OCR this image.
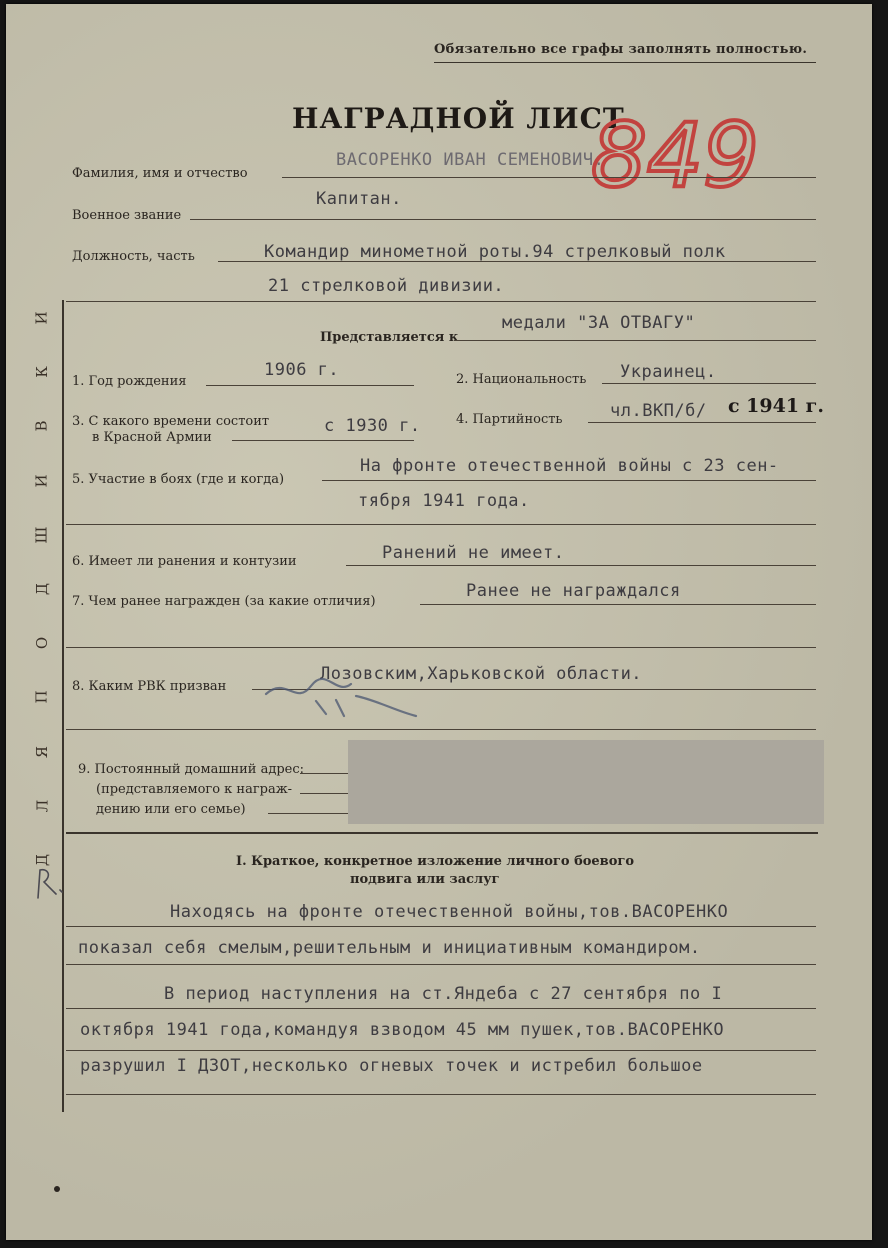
Обязательно все графы заполнять полностью.
НАГРАДНОЙ ЛИСТ
849
Фамилия, имя и отчество
ВАСОРЕНКО ИВАН СЕМЕНОВИЧ.
Военное звание
Капитан.
Должность, часть	Командир минометной роты.94 стрелковый полк
21 стрелковой дивизии.
Представляется к
медали "ЗА ОТВАГУ"
1. Год рождения
1906 г.	2. Национальность Украинец.
3. С какого времени состоит
в Красной Армии
с 1930 г.	4. Партийность	чл.ВКП/б/ с 1941 г.
5. Участие в боях (где и когда)
На фронте отечественной войны с 23 сен-
тября 1941 года.
6. Имеет ли ранения и контузии	Ранений не имеет.
7. Чем ранее награжден (за какие отличия)
Ранее не награждался
8. Каким РВК призван
Лозовским,Харьковской области.
9. Постоянный домашний адрес:
(представляемого к награж-
дению или его семье)
И
К
В
И
Ш
Д
О
П
Я
Л
Д	I. Краткое, конкретное изложение личного боевого
подвига или заслуг
Находясь на фронте отечественной войны,тов.ВАСОРЕНКО
показал себя смелым,решительным и инициативным командиром.
В период наступления на ст.Яндеба с 27 сентября по I
октября 1941 года,командуя взводом 45 мм пушек,тов.ВАСОРЕНКО
разрушил I ДЗОТ,несколько огневых точек и истребил большое
